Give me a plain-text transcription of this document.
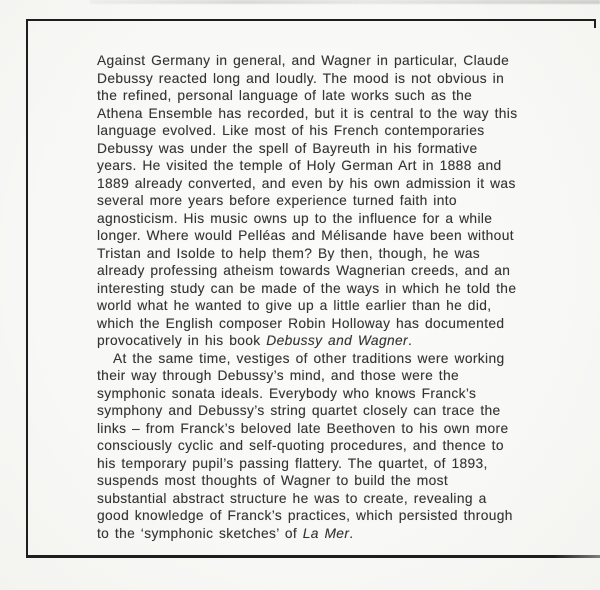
Against Germany in general, and Wagner in particular, Claude
Debussy reacted long and loudly. The mood is not obvious in
the refined, personal language of late works such as the
Athena Ensemble has recorded, but it is central to the way this
language evolved. Like most of his French contemporaries
Debussy was under the spell of Bayreuth in his formative
years. He visited the temple of Holy German Art in 1888 and
1889 already converted, and even by his own admission it was
several more years before experience turned faith into
agnosticism. His music owns up to the influence for a while
longer. Where would Pelléas and Mélisande have been without
Tristan and Isolde to help them? By then, though, he was
already professing atheism towards Wagnerian creeds, and an
interesting study can be made of the ways in which he told the
world what he wanted to give up a little earlier than he did,
which the English composer Robin Holloway has documented
provocatively in his book Debussy and Wagner.
At the same time, vestiges of other traditions were working
their way through Debussy’s mind, and those were the
symphonic sonata ideals. Everybody who knows Franck’s
symphony and Debussy’s string quartet closely can trace the
links – from Franck’s beloved late Beethoven to his own more
consciously cyclic and self-quoting procedures, and thence to
his temporary pupil’s passing flattery. The quartet, of 1893,
suspends most thoughts of Wagner to build the most
substantial abstract structure he was to create, revealing a
good knowledge of Franck’s practices, which persisted through
to the ‘symphonic sketches’ of La Mer.
